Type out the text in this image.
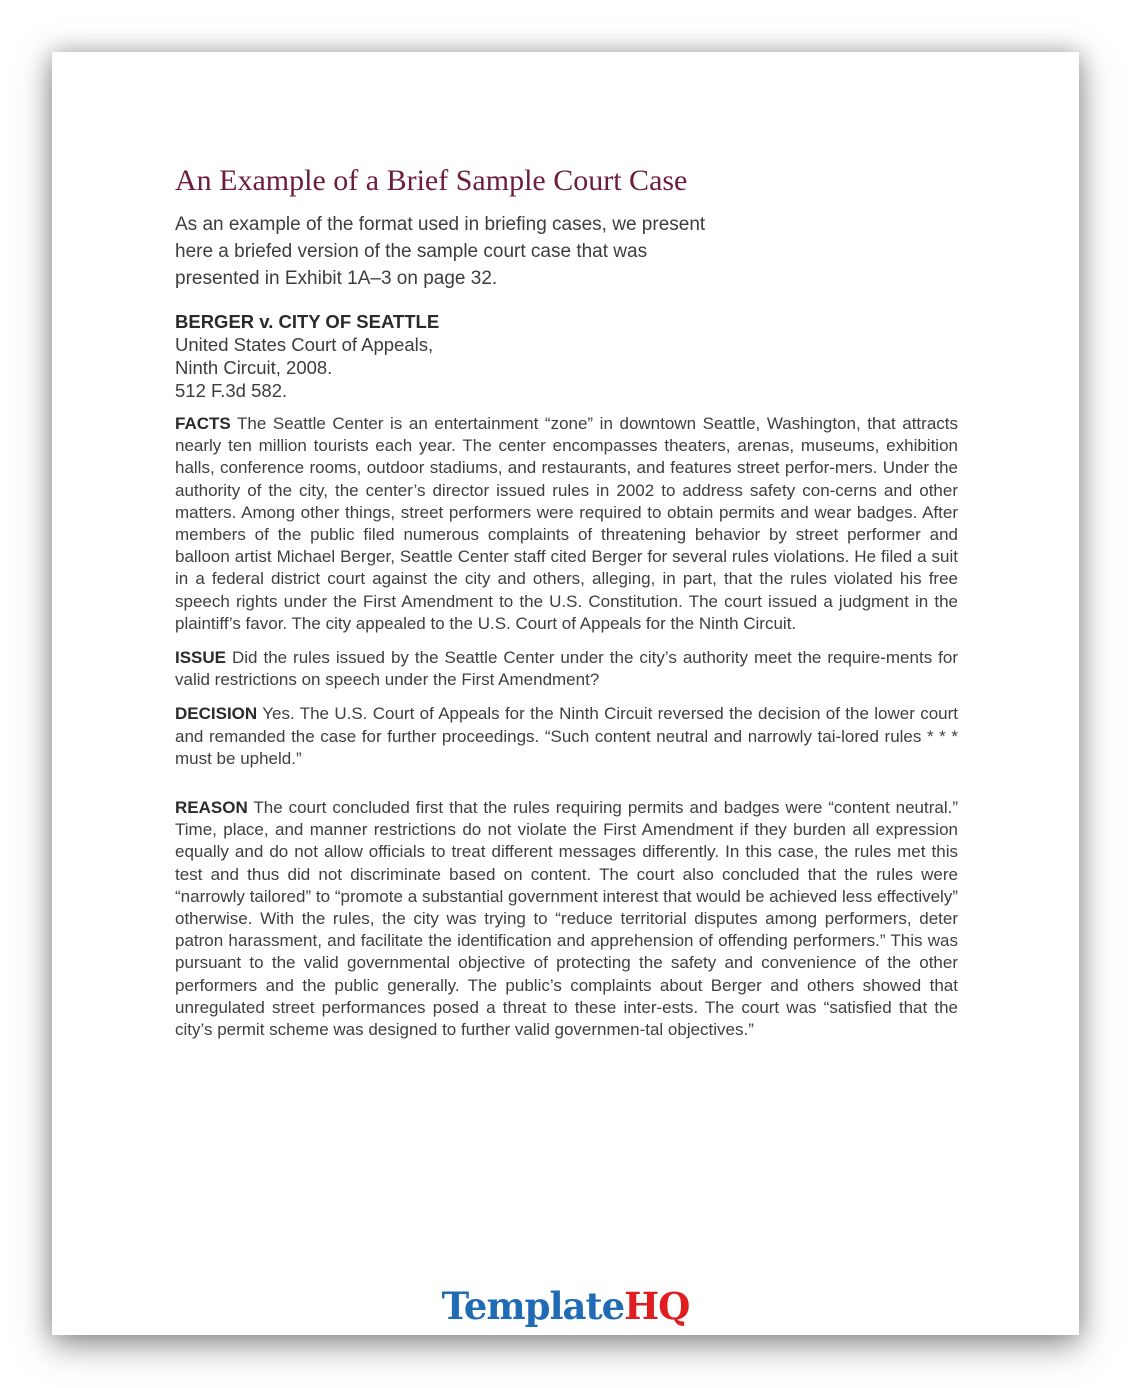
An Example of a Brief Sample Court Case

As an example of the format used in briefing cases, we present here a briefed version of the sample court case that was presented in Exhibit 1A–3 on page 32.

BERGER v. CITY OF SEATTLE
United States Court of Appeals,
Ninth Circuit, 2008.
512 F.3d 582.

FACTS The Seattle Center is an entertainment “zone” in downtown Seattle, Washington, that attracts nearly ten million tourists each year. The center encompasses theaters, arenas, museums, exhibition halls, conference rooms, outdoor stadiums, and restaurants, and features street perfor-mers. Under the authority of the city, the center’s director issued rules in 2002 to address safety con-cerns and other matters. Among other things, street performers were required to obtain permits and wear badges. After members of the public filed numerous complaints of threatening behavior by street performer and balloon artist Michael Berger, Seattle Center staff cited Berger for several rules violations. He filed a suit in a federal district court against the city and others, alleging, in part, that the rules violated his free speech rights under the First Amendment to the U.S. Constitution. The court issued a judgment in the plaintiff’s favor. The city appealed to the U.S. Court of Appeals for the Ninth Circuit.

ISSUE Did the rules issued by the Seattle Center under the city’s authority meet the require-ments for valid restrictions on speech under the First Amendment?

DECISION Yes. The U.S. Court of Appeals for the Ninth Circuit reversed the decision of the lower court and remanded the case for further proceedings. “Such content neutral and narrowly tai-lored rules * * * must be upheld.”

REASON The court concluded first that the rules requiring permits and badges were “content neutral.” Time, place, and manner restrictions do not violate the First Amendment if they burden all expression equally and do not allow officials to treat different messages differently. In this case, the rules met this test and thus did not discriminate based on content. The court also concluded that the rules were “narrowly tailored” to “promote a substantial government interest that would be achieved less effectively” otherwise. With the rules, the city was trying to “reduce territorial disputes among performers, deter patron harassment, and facilitate the identification and apprehension of offending performers.” This was pursuant to the valid governmental objective of protecting the safety and convenience of the other performers and the public generally. The public’s complaints about Berger and others showed that unregulated street performances posed a threat to these inter-ests. The court was “satisfied that the city’s permit scheme was designed to further valid governmen-tal objectives.”

TemplateHQ
